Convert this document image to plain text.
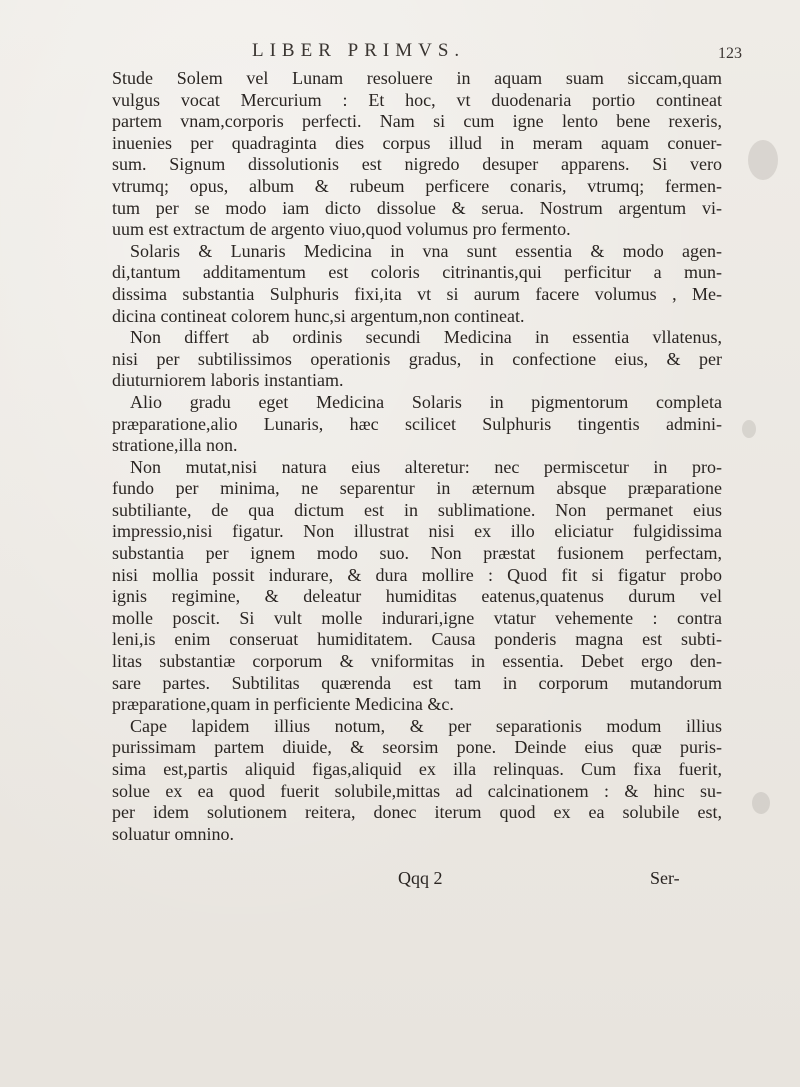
LIBER PRIMVS.	123
Stude Solem vel Lunam resoluere in aquam suam siccam,quam
vulgus vocat Mercurium : Et hoc, vt duodenaria portio contineat
partem vnam,corporis perfecti. Nam si cum igne lento bene rexeris,
inuenies per quadraginta dies corpus illud in meram aquam conuer-
sum. Signum dissolutionis est nigredo desuper apparens. Si vero
vtrumq; opus, album & rubeum perficere conaris, vtrumq; fermen-
tum per se modo iam dicto dissolue & serua. Nostrum argentum vi-
uum est extractum de argento viuo,quod volumus pro fermento.
Solaris & Lunaris Medicina in vna sunt essentia & modo agen-
di,tantum additamentum est coloris citrinantis,qui perficitur a mun-
dissima substantia Sulphuris fixi,ita vt si aurum facere volumus , Me-
dicina contineat colorem hunc,si argentum,non contineat.
Non differt ab ordinis secundi Medicina in essentia vllatenus,
nisi per subtilissimos operationis gradus, in confectione eius, & per
diuturniorem laboris instantiam.
Alio gradu eget Medicina Solaris in pigmentorum completa
præparatione,alio Lunaris, hæc scilicet Sulphuris tingentis admini-
stratione,illa non.
Non mutat,nisi natura eius alteretur: nec permiscetur in pro-
fundo per minima, ne separentur in æternum absque præparatione
subtiliante, de qua dictum est in sublimatione. Non permanet eius
impressio,nisi figatur. Non illustrat nisi ex illo eliciatur fulgidissima
substantia per ignem modo suo. Non præstat fusionem perfectam,
nisi mollia possit indurare, & dura mollire : Quod fit si figatur probo
ignis regimine, & deleatur humiditas eatenus,quatenus durum vel
molle poscit. Si vult molle indurari,igne vtatur vehemente : contra
leni,is enim conseruat humiditatem. Causa ponderis magna est subti-
litas substantiæ corporum & vniformitas in essentia. Debet ergo den-
sare partes. Subtilitas quærenda est tam in corporum mutandorum
præparatione,quam in perficiente Medicina &c.
Cape lapidem illius notum, & per separationis modum illius
purissimam partem diuide, & seorsim pone. Deinde eius quæ puris-
sima est,partis aliquid figas,aliquid ex illa relinquas. Cum fixa fuerit,
solue ex ea quod fuerit solubile,mittas ad calcinationem : & hinc su-
per idem solutionem reitera, donec iterum quod ex ea solubile est,
soluatur omnino.
Qqq 2	Ser-
